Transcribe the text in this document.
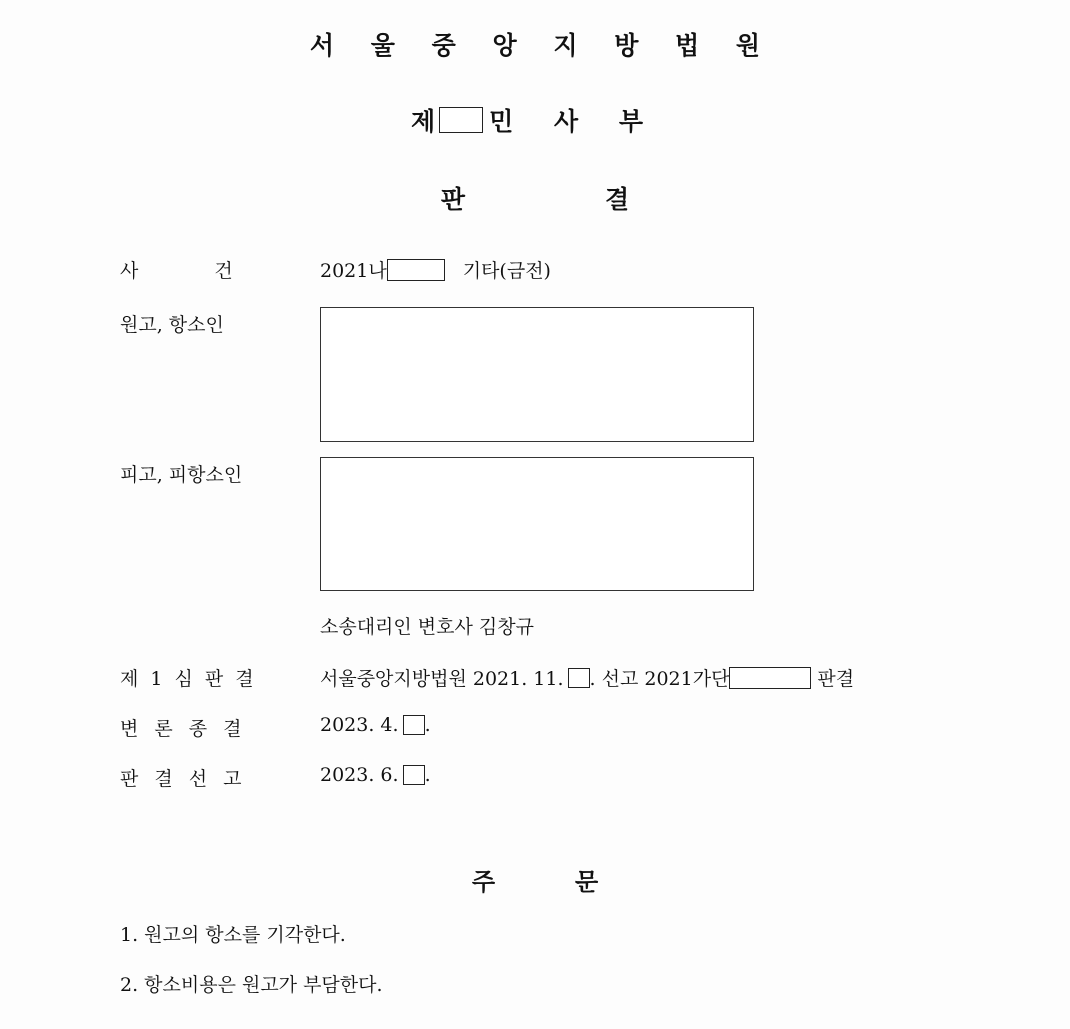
서 울 중 앙 지 방 법 원
제 민 사 부
판	결
사	건	2021나	기타(금전)
원고, 항소인
피고, 피항소인
소송대리인 변호사 김창규
제 1 심 판 결	서울중앙지방법원 2021. 11. . 선고 2021가단	판결
변 론 종 결	2023. 4. .
판 결 선 고	2023. 6. .
주	문
1. 원고의 항소를 기각한다.
2. 항소비용은 원고가 부담한다.
